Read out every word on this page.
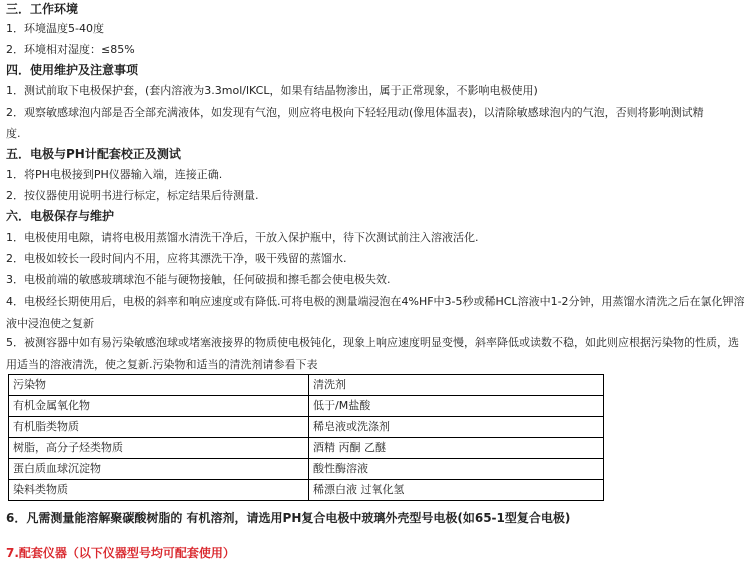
三．工作环境
1．环境温度5-40度
2．环境相对湿度：≤85%
四．使用维护及注意事项
1．测试前取下电极保护套，(套内溶液为3.3mol/lKCL，如果有结晶物渗出，属于正常现象，不影响电极使用)
2．观察敏感球泡内部是否全部充满液体，如发现有气泡，则应将电极向下轻轻甩动(像甩体温表)，以清除敏感球泡内的气泡，否则将影响测试精
度.
五．电极与PH计配套校正及测试
1．将PH电极接到PH仪器输入端，连接正确.
2．按仪器使用说明书进行标定，标定结果后待测量.
六．电极保存与维护
1．电极使用电隙，请将电极用蒸馏水清洗干净后，干放入保护瓶中，待下次测试前注入溶液活化.
2．电极如较长一段时间内不用，应将其漂洗干净，吸干残留的蒸馏水.
3．电极前端的敏感玻璃球泡不能与硬物接触，任何破损和擦毛都会使电极失效.
4．电极经长期使用后，电极的斜率和响应速度或有降低.可将电极的测量端浸泡在4%HF中3-5秒或稀HCL溶液中1-2分钟，用蒸馏水清洗之后在氯化钾溶液中浸泡使之复新
5．被测容器中如有易污染敏感泡球或堵塞液接界的物质使电极钝化，现象上响应速度明显变慢，斜率降低或读数不稳，如此则应根据污染物的性质，选用适当的溶液清洗，使之复新.污染物和适当的清洗剂请参看下表
污染物	清洗剂
有机金属氧化物	低于/M盐酸
有机脂类物质	稀皂液或洗涤剂
树脂，高分子烃类物质	酒精 丙酮 乙醚
蛋白质血球沉淀物	酸性酶溶液
染料类物质	稀漂白液 过氧化氢
6．凡需测量能溶解聚碳酸树脂的 有机溶剂，请选用PH复合电极中玻璃外壳型号电极(如65-1型复合电极)
7.配套仪器（以下仪器型号均可配套使用）
